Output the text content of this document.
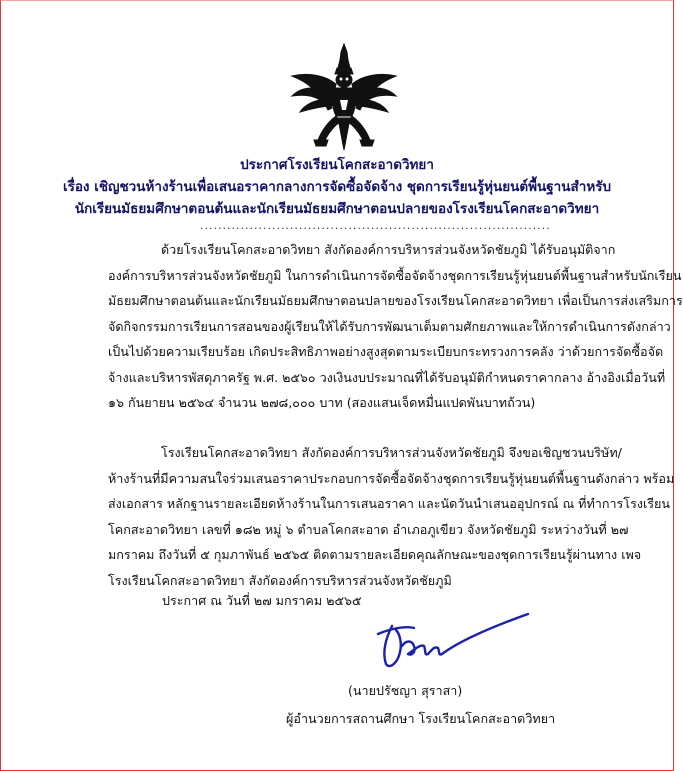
ประกาศโรงเรียนโคกสะอาดวิทยา
เรื่อง เชิญชวนห้างร้านเพื่อเสนอราคากลางการจัดซื้อจัดจ้าง ชุดการเรียนรู้หุ่นยนต์พื้นฐานสำหรับ
นักเรียนมัธยมศึกษาตอนต้นและนักเรียนมัธยมศึกษาตอนปลายของโรงเรียนโคกสะอาดวิทยา
..............................................................................
ด้วยโรงเรียนโคกสะอาดวิทยา สังกัดองค์การบริหารส่วนจังหวัดชัยภูมิ ได้รับอนุมัติจาก
องค์การบริหารส่วนจังหวัดชัยภูมิ ในการดำเนินการจัดซื้อจัดจ้างชุดการเรียนรู้หุ่นยนต์พื้นฐานสำหรับนักเรียน
มัธยมศึกษาตอนต้นและนักเรียนมัธยมศึกษาตอนปลายของโรงเรียนโคกสะอาดวิทยา เพื่อเป็นการส่งเสริมการ
จัดกิจกรรมการเรียนการสอนของผู้เรียนให้ได้รับการพัฒนาเต็มตามศักยภาพและให้การดำเนินการดังกล่าว
เป็นไปด้วยความเรียบร้อย เกิดประสิทธิภาพอย่างสูงสุดตามระเบียบกระทรวงการคลัง ว่าด้วยการจัดซื้อจัด
จ้างและบริหารพัสดุภาครัฐ พ.ศ. ๒๕๖๐ วงเงินงบประมาณที่ได้รับอนุมัติกำหนดราคากลาง อ้างอิงเมื่อวันที่
๑๖ กันยายน ๒๕๖๔ จำนวน ๒๗๘,๐๐๐ บาท (สองแสนเจ็ดหมื่นแปดพันบาทถ้วน)
โรงเรียนโคกสะอาดวิทยา สังกัดองค์การบริหารส่วนจังหวัดชัยภูมิ จึงขอเชิญชวนบริษัท/
ห้างร้านที่มีความสนใจร่วมเสนอราคาประกอบการจัดซื้อจัดจ้างชุดการเรียนรู้หุ่นยนต์พื้นฐานดังกล่าว พร้อม
ส่งเอกสาร หลักฐานรายละเอียดห้างร้านในการเสนอราคา และนัดวันนำเสนออุปกรณ์ ณ ที่ทำการโรงเรียน
โคกสะอาดวิทยา เลขที่ ๑๘๒ หมู่ ๖ ตำบลโคกสะอาด อำเภอภูเขียว จังหวัดชัยภูมิ ระหว่างวันที่ ๒๗
มกราคม ถึงวันที่ ๕ กุมภาพันธ์ ๒๕๖๕ ติดตามรายละเอียดคุณลักษณะของชุดการเรียนรู้ผ่านทาง เพจ
โรงเรียนโคกสะอาดวิทยา สังกัดองค์การบริหารส่วนจังหวัดชัยภูมิ
ประกาศ ณ วันที่ ๒๗ มกราคม ๒๕๖๕
(นายปรัชญา สุราสา)
ผู้อำนวยการสถานศึกษา โรงเรียนโคกสะอาดวิทยา
